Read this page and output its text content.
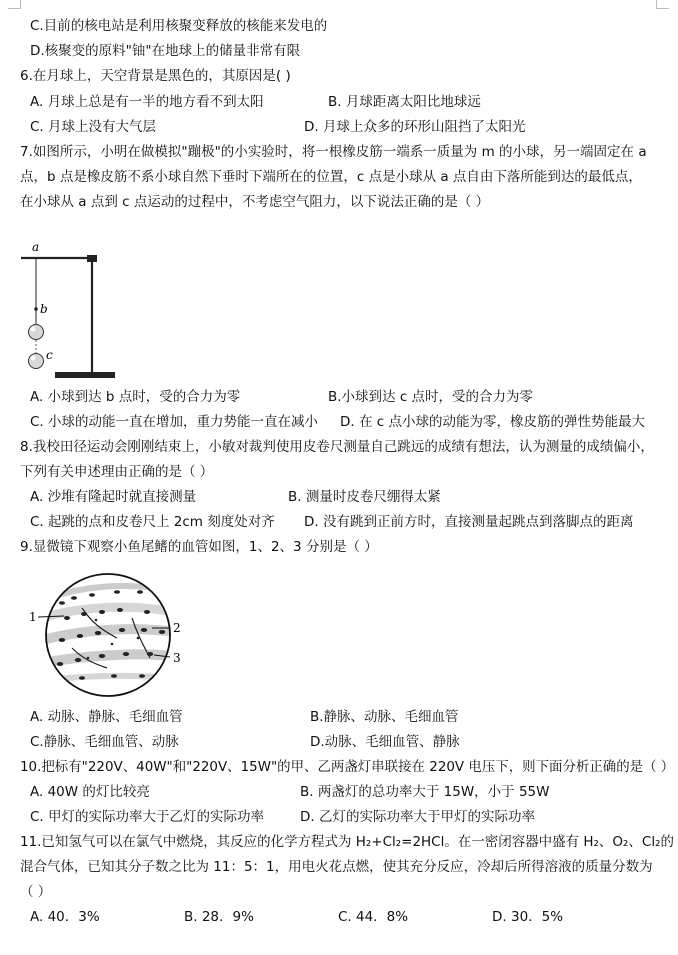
C.目前的核电站是利用核聚变释放的核能来发电的
D.核聚变的原料"铀"在地球上的储量非常有限
6.在月球上，天空背景是黑色的，其原因是( )
A. 月球上总是有一半的地方看不到太阳	B. 月球距离太阳比地球远
C. 月球上没有大气层	D. 月球上众多的环形山阻挡了太阳光
7.如图所示，小明在做模拟"蹦极"的小实验时，将一根橡皮筋一端系一质量为 m 的小球，另一端固定在 a
点，b 点是橡皮筋不系小球自然下垂时下端所在的位置，c 点是小球从 a 点自由下落所能到达的最低点，
在小球从 a 点到 c 点运动的过程中，不考虑空气阻力，以下说法正确的是（ ）
a
b
c
A. 小球到达 b 点时，受的合力为零	B.小球到达 c 点时，受的合力为零
C. 小球的动能一直在增加，重力势能一直在减小 D. 在 c 点小球的动能为零，橡皮筋的弹性势能最大
8.我校田径运动会刚刚结束上，小敏对裁判使用皮卷尺测量自己跳远的成绩有想法，认为测量的成绩偏小，
下列有关申述理由正确的是（ ）
A. 沙堆有隆起时就直接测量	B. 测量时皮卷尺绷得太紧
C. 起跳的点和皮卷尺上 2cm 刻度处对齐 D. 没有跳到正前方时，直接测量起跳点到落脚点的距离
9.显微镜下观察小鱼尾鳍的血管如图，1、2、3 分别是（ ）
1
2
3
A. 动脉、静脉、毛细血管	B.静脉、动脉、毛细血管
C.静脉、毛细血管、动脉	D.动脉、毛细血管、静脉
10.把标有"220V、40W"和"220V、15W"的甲、乙两盏灯串联接在 220V 电压下，则下面分析正确的是（ ）
A. 40W 的灯比较亮	B. 两盏灯的总功率大于 15W，小于 55W
C. 甲灯的实际功率大于乙灯的实际功率	D. 乙灯的实际功率大于甲灯的实际功率
11.已知氢气可以在氯气中燃烧，其反应的化学方程式为 H₂+Cl₂=2HCl。在一密闭容器中盛有 H₂、O₂、Cl₂的
混合气体，已知其分子数之比为 11：5：1，用电火花点燃，使其充分反应，冷却后所得溶液的质量分数为
（ ）
A. 40．3%	B. 28．9%	C. 44．8%	D. 30．5%
